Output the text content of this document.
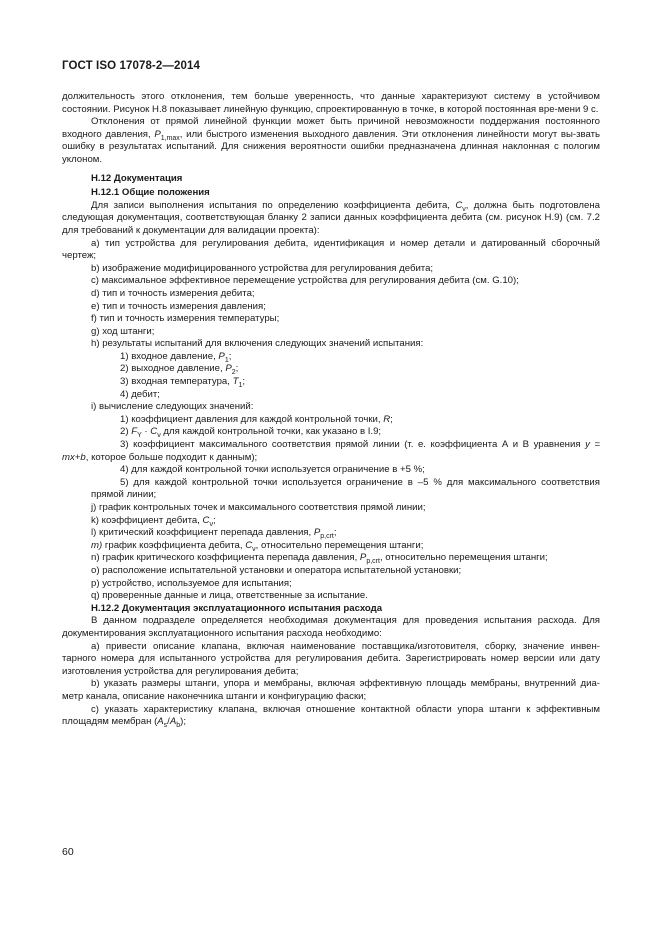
ГОСТ ISO 17078-2—2014

должительность этого отклонения, тем больше уверенность, что данные характеризуют систему в устойчивом состоянии. Рисунок Н.8 показывает линейную функцию, спроектированную в точке, в которой постоянная вре-мени 9 с.

Отклонения от прямой линейной функции может быть причиной невозможности поддержания постоянного входного давления, $P_{1,max}$, или быстрого изменения выходного давления. Эти отклонения линейности могут вы-звать ошибку в результатах испытаний. Для снижения вероятности ошибки предназначена длинная наклонная с пологим уклоном.

Н.12 Документация

Н.12.1 Общие положения

Для записи выполнения испытания по определению коэффициента дебита, $C_\nu$, должна быть подготовлена следующая документация, соответствующая бланку 2 записи данных коэффициента дебита (см. рисунок Н.9) (см. 7.2 для требований к документации для валидации проекта):

а) тип устройства для регулирования дебита, идентификация и номер детали и датированный сборочный чертеж;

b) изображение модифицированного устройства для регулирования дебита;

с) максимальное эффективное перемещение устройства для регулирования дебита (см. G.10);

d) тип и точность измерения дебита;

е) тип и точность измерения давления;

f) тип и точность измерения температуры;

g) ход штанги;

h) результаты испытаний для включения следующих значений испытания:

1) входное давление, $P_1$;

2) выходное давление, $P_2$;

3) входная температура, $T_1$;

4) дебит;

i) вычисление следующих значений:

1) коэффициент давления для каждой контрольной точки, R;

2) $F_Y \cdot C_\nu$ для каждой контрольной точки, как указано в I.9;

3) коэффициент максимального соответствия прямой линии (т. е. коэффициента А и В уравнения у = mx+b, которое больше подходит к данным);

4) для каждой контрольной точки используется ограничение в +5 %;

5) для каждой контрольной точки используется ограничение в –5 % для максимального соответствия прямой линии;

j) график контрольных точек и максимального соответствия прямой линии;

k) коэффициент дебита, $C_\nu$;

l) критический коэффициент перепада давления, $P_{p,crt}$;

m) график коэффициента дебита, $C_\nu$, относительно перемещения штанги;

n) график критического коэффициента перепада давления, $P_{p,crt}$, относительно перемещения штанги;

о) расположение испытательной установки и оператора испытательной установки;

р) устройство, используемое для испытания;

q) проверенные данные и лица, ответственные за испытание.

Н.12.2 Документация эксплуатационного испытания расхода

В данном подразделе определяется необходимая документация для проведения испытания расхода. Для документирования эксплуатационного испытания расхода необходимо:

а) привести описание клапана, включая наименование поставщика/изготовителя, сборку, значение инвен-тарного номера для испытанного устройства для регулирования дебита. Зарегистрировать номер версии или дату изготовления устройства для регулирования дебита;

b) указать размеры штанги, упора и мембраны, включая эффективную площадь мембраны, внутренний диа-метр канала, описание наконечника штанги и конфигурацию фаски;

с) указать характеристику клапана, включая отношение контактной области упора штанги к эффективным площадям мембран $(A_s/A_b)$;

60
